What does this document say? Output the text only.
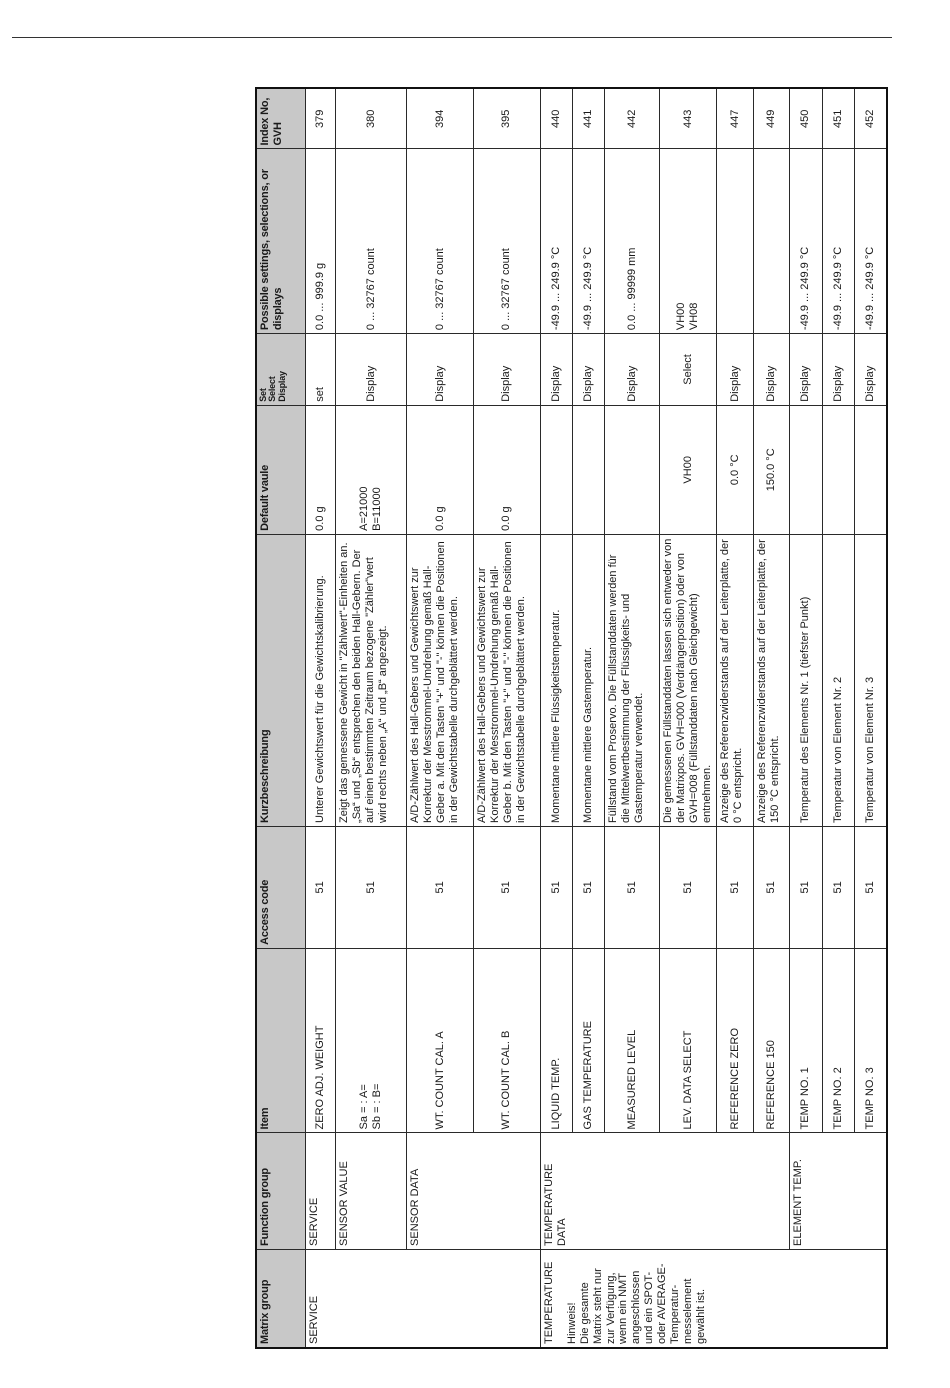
Matrix group	Function group	Item	Access code	Kurzbeschreibung	Default vaule	Set
Select
Display	Possible settings, selections, or displays	Index No, GVH
SERVICE	SERVICE	ZERO ADJ. WEIGHT	51	Unterer Gewichtswert für die Gewichtskalibrierung.	0.0 g	set	0.0 ... 999.9 g	379
	SENSOR VALUE	Sa = : A=
Sb = : B=	51	Zeigt das gemessene Gewicht in "Zählwert"-Einheiten an. „Sa“ und „Sb“ entsprechen den beiden Hall-Gebern. Der auf einen bestimmten Zeitraum bezogene "Zähler"wert wird rechts neben „A“ und „B“ angezeigt.	A=21000
B=11000	Display	0 ... 32767 count	380
	SENSOR DATA	WT. COUNT CAL. A	51	A/D-Zählwert des Hall-Gebers und Gewichtswert zur Korrektur der Messtrommel-Umdrehung gemäß Hall-Geber a. Mit den Tasten "+" und "-" können die Positionen in der Gewichtstabelle durchgeblättert werden.	0.0 g	Display	0 ... 32767 count	394
		WT. COUNT CAL. B	51	A/D-Zählwert des Hall-Gebers und Gewichtswert zur Korrektur der Messtrommel-Umdrehung gemäß Hall-Geber b. Mit den Tasten "+" und "-" können die Positionen in der Gewichtstabelle durchgeblättert werden.	0.0 g	Display	0 ... 32767 count	395
TEMPERATURE Hinweis!
Die gesamte Matrix steht nur zur Verfügung, wenn ein NMT angeschlossen und ein SPOT- oder AVERAGE-Temperatur-messelement gewählt ist.	TEMPERATURE DATA	LIQUID TEMP.	51	Momentane mittlere Flüssigkeitstemperatur.		Display	-49.9 ... 249.9 °C	440
		GAS TEMPERATURE	51	Momentane mittlere Gastemperatur.		Display	-49.9 ... 249.9 °C	441
		MEASURED LEVEL	51	Füllstand vom Proservo. Die Füllstanddaten werden für die Mittelwertbestimmung der Flüssigkeits- und Gastemperatur verwendet.		Display	0.0 ... 99999 mm	442
		LEV. DATA SELECT	51	Die gemessenen Füllstanddaten lassen sich entweder von der Matrixpos. GVH=000 (Verdrängerposition) oder von GVH=008 (Füllstanddaten nach Gleichgewicht) entnehmen.	VH00	Select	VH00
VH08	443
		REFERENCE ZERO	51	Anzeige des Referenzwiderstands auf der Leiterplatte, der 0 °C entspricht.	0.0 °C	Display		447
		REFERENCE 150	51	Anzeige des Referenzwiderstands auf der Leiterplatte, der 150 °C entspricht.	150.0 °C	Display		449
	ELEMENT TEMP.	TEMP NO. 1	51	Temperatur des Elements Nr. 1 (tiefster Punkt)		Display	-49.9 ... 249.9 °C	450
		TEMP NO. 2	51	Temperatur von Element Nr. 2		Display	-49.9 ... 249.9 °C	451
		TEMP NO. 3	51	Temperatur von Element Nr. 3		Display	-49.9 ... 249.9 °C	452
